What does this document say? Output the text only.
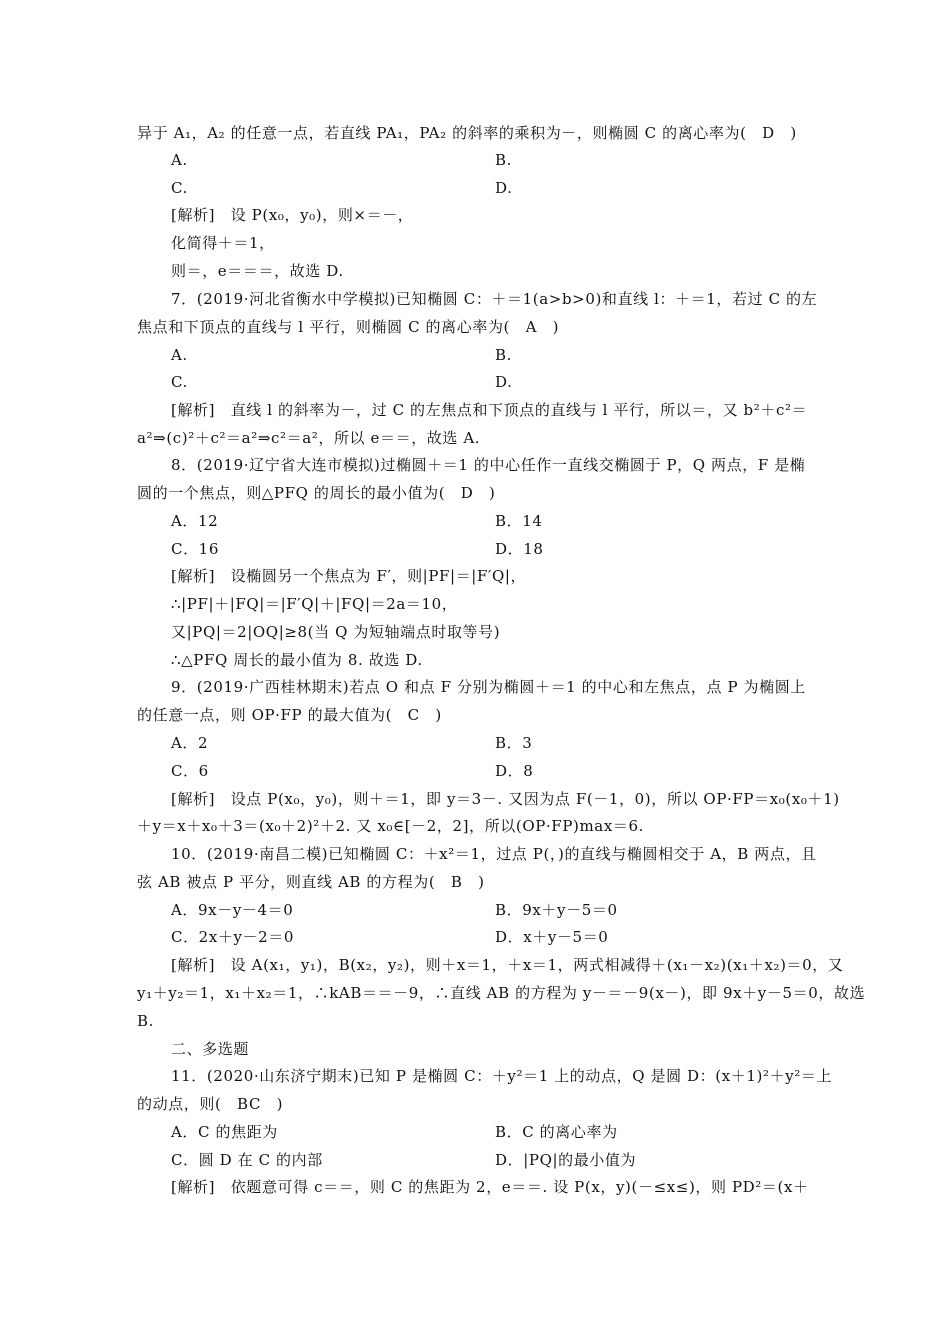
异于 A₁，A₂ 的任意一点，若直线 PA₁，PA₂ 的斜率的乘积为－，则椭圆 C 的离心率为(　D　)
C.
[解析]　设 P(x₀，y₀)，则×＝－，
化简得＋＝1，
则＝，e＝＝＝，故选 D.
7．(2019·河北省衡水中学模拟)已知椭圆 C：＋＝1(a>b>0)和直线 l：＋＝1，若过 C 的左
焦点和下顶点的直线与 l 平行，则椭圆 C 的离心率为(　A　)
A.
C.
[解析]　直线 l 的斜率为－，过 C 的左焦点和下顶点的直线与 l 平行，所以＝，又 b²＋c²＝
a²⇒(c)²＋c²＝a²⇒c²＝a²，所以 e＝＝，故选 A.
8．(2019·辽宁省大连市模拟)过椭圆＋＝1 的中心任作一直线交椭圆于 P，Q 两点，F 是椭
圆的一个焦点，则△PFQ 的周长的最小值为(　D　)
A．12
C．16
[解析]　设椭圆另一个焦点为 F′，则|PF|＝|F′Q|，
∴|PF|＋|FQ|＝|F′Q|＋|FQ|＝2a＝10，
又|PQ|＝2|OQ|≥8(当 Q 为短轴端点时取等号)
∴△PFQ 周长的最小值为 8. 故选 D.
9．(2019·广西桂林期末)若点 O 和点 F 分别为椭圆＋＝1 的中心和左焦点，点 P 为椭圆上
的任意一点，则 OP·FP 的最大值为(　C　)
A．2
C．6
[解析]　设点 P(x₀，y₀)，则＋＝1，即 y＝3－. 又因为点 F(－1，0)，所以 OP·FP＝x₀(x₀＋1)
＋y＝x＋x₀＋3＝(x₀＋2)²＋2. 又 x₀∈[－2，2]，所以(OP·FP)max＝6.
10．(2019·南昌二模)已知椭圆 C：＋x²＝1，过点 P(，)的直线与椭圆相交于 A，B 两点，且
弦 AB 被点 P 平分，则直线 AB 的方程为(　B　)
A．9x－y－4＝0
C．2x＋y－2＝0
[解析]　设 A(x₁，y₁)，B(x₂，y₂)，则＋x＝1，＋x＝1，两式相减得＋(x₁－x₂)(x₁＋x₂)＝0，又
y₁＋y₂＝1，x₁＋x₂＝1，∴kAB＝＝－9，∴直线 AB 的方程为 y－＝－9(x－)，即 9x＋y－5＝0，故选
B.
二、多选题
11．(2020·山东济宁期末)已知 P 是椭圆 C：＋y²＝1 上的动点，Q 是圆 D：(x＋1)²＋y²＝上
的动点，则(　BC　)
A．C 的焦距为
C．圆 D 在 C 的内部
[解析]　依题意可得 c＝＝，则 C 的焦距为 2，e＝＝. 设 P(x，y)(－≤x≤)，则 PD²＝(x＋
A.	B.
D.
B.
D.
B．14
D．18
B．3
D．8
B．9x＋y－5＝0
D．x＋y－5＝0
B．C 的离心率为
D．|PQ|的最小值为
